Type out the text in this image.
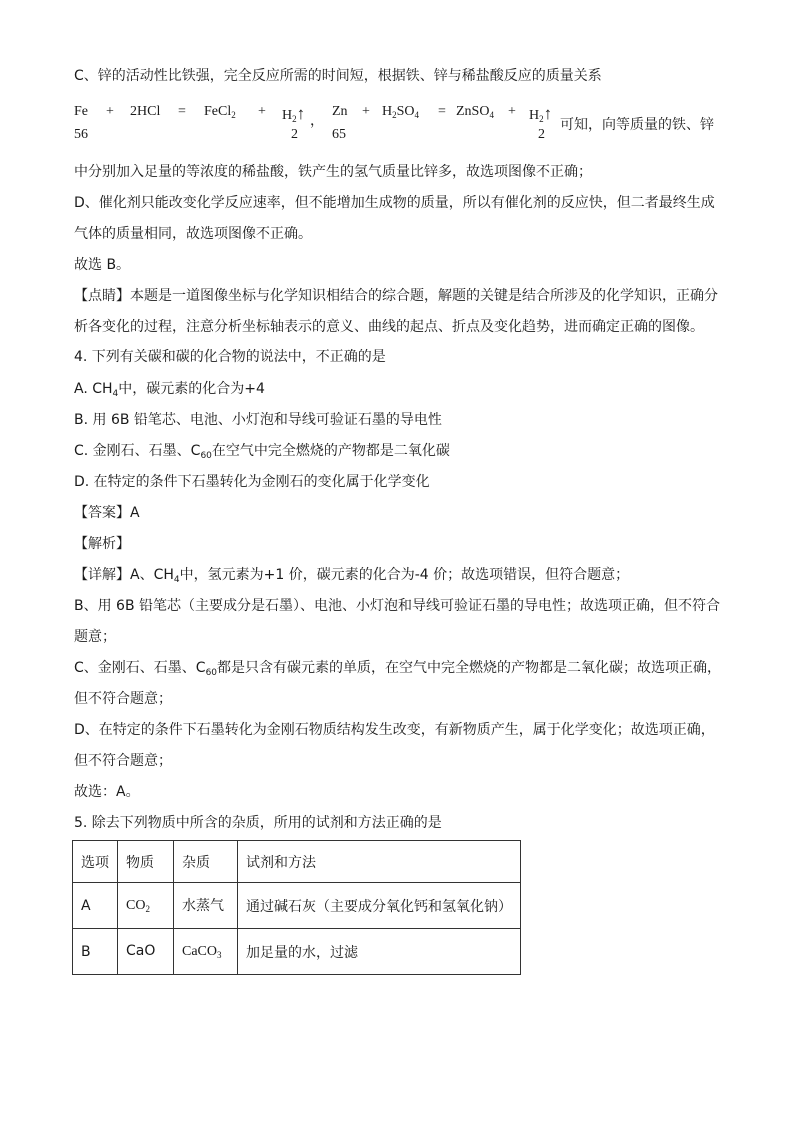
C、锌的活动性比铁强，完全反应所需的时间短，根据铁、锌与稀盐酸反应的质量关系
Fe + 2HCl = FeCl$_2$ + $H_2↑$
56	2
，
$Zn + H_2SO_4$ = ZnSO$_4$ + $H_2↑$
65	2
可知，向等质量的铁、锌
中分别加入足量的等浓度的稀盐酸，铁产生的氢气质量比锌多，故选项图像不正确；
D、催化剂只能改变化学反应速率，但不能增加生成物的质量，所以有催化剂的反应快，但二者最终生成
气体的质量相同，故选项图像不正确。
故选 B。
【点睛】本题是一道图像坐标与化学知识相结合的综合题，解题的关键是结合所涉及的化学知识，正确分
析各变化的过程，注意分析坐标轴表示的意义、曲线的起点、折点及变化趋势，进而确定正确的图像。
4. 下列有关碳和碳的化合物的说法中，不正确的是
A. $CH_4$中，碳元素的化合为+4
B. 用 6B 铅笔芯、电池、小灯泡和导线可验证石墨的导电性
C. 金刚石、石墨、$C_{60}$在空气中完全燃烧的产物都是二氧化碳
D. 在特定的条件下石墨转化为金刚石的变化属于化学变化
【答案】A
【解析】
【详解】A、$CH_4$中，氢元素为+1 价，碳元素的化合为-4 价；故选项错误，但符合题意；
B、用 6B 铅笔芯（主要成分是石墨）、电池、小灯泡和导线可验证石墨的导电性；故选项正确，但不符合
题意；
C、金刚石、石墨、$C_{60}$都是只含有碳元素的单质，在空气中完全燃烧的产物都是二氧化碳；故选项正确，
但不符合题意；
D、在特定的条件下石墨转化为金刚石物质结构发生改变，有新物质产生，属于化学变化；故选项正确，
但不符合题意；
故选：A。
5. 除去下列物质中所含的杂质，所用的试剂和方法正确的是
选项	物质	杂质	试剂和方法
A	$CO_2$	水蒸气	通过碱石灰（主要成分氧化钙和氢氧化钠）
B	CaO	CaCO$_3$	加足量的水，过滤
